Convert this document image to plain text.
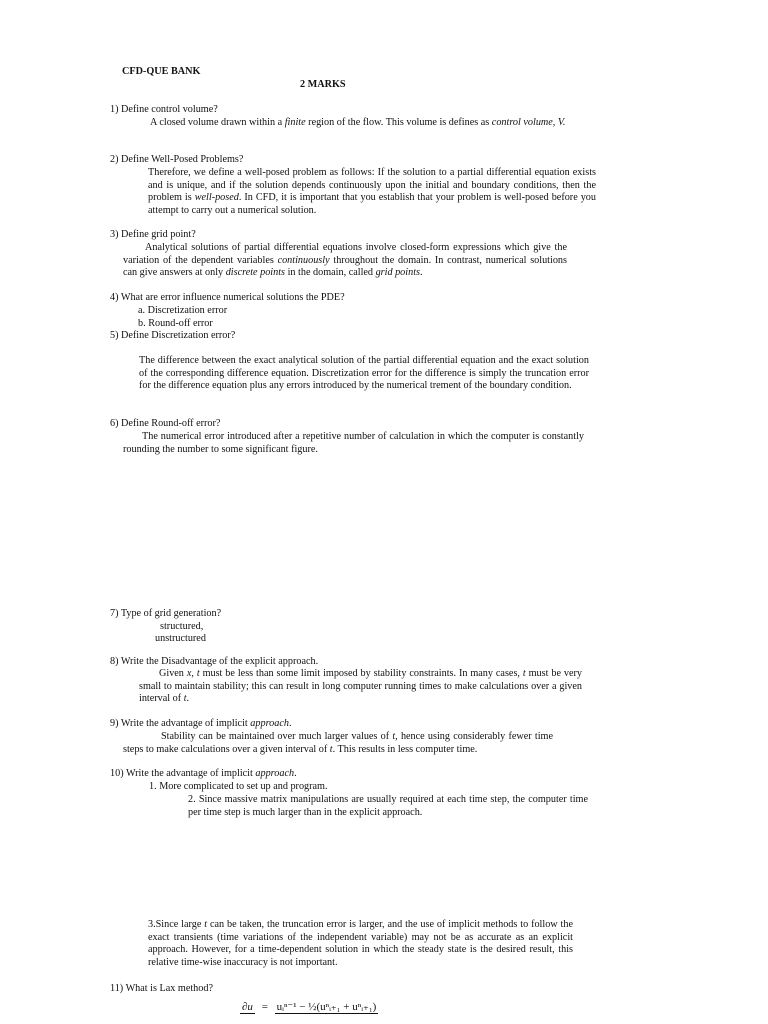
CFD-QUE BANK
2 MARKS
1) Define control volume?
A closed volume drawn within a finite region of the flow. This volume is defines as control volume, V.
2) Define Well-Posed Problems?
Therefore, we define a well-posed problem as follows: If the solution to a partial differential equation exists and is unique, and if the solution depends continuously upon the initial and boundary conditions, then the problem is well-posed. In CFD, it is important that you establish that your problem is well-posed before you attempt to carry out a numerical solution.
3) Define grid point?
Analytical solutions of partial differential equations involve closed-form expressions which give the variation of the dependent variables continuously throughout the domain. In contrast, numerical solutions can give answers at only discrete points in the domain, called grid points.
4) What are error influence numerical solutions the PDE?
a. Discretization error
b. Round-off error
5) Define Discretization error?
The difference between the exact analytical solution of the partial differential equation and the exact solution of the corresponding difference equation. Discretization error for the difference is simply the truncation error for the difference equation plus any errors introduced by the numerical trement of the boundary condition.
6) Define Round-off error?
The numerical error introduced after a repetitive number of calculation in which the computer is constantly rounding the number to some significant figure.
7) Type of grid generation?
structured,
unstructured
8) Write the Disadvantage of the explicit approach.
Given x, t must be less than some limit imposed by stability constraints. In many cases, t must be very small to maintain stability; this can result in long computer running times to make calculations over a given interval of t.
9) Write the advantage of implicit approach.
Stability can be maintained over much larger values of t, hence using considerably fewer time steps to make calculations over a given interval of t. This results in less computer time.
10) Write the advantage of implicit approach.
1. More complicated to set up and program.
2. Since massive matrix manipulations are usually required at each time step, the computer time per time step is much larger than in the explicit approach.
3.Since large t can be taken, the truncation error is larger, and the use of implicit methods to follow the exact transients (time variations of the independent variable) may not be as accurate as an explicit approach. However, for a time-dependent solution in which the steady state is the desired result, this relative time-wise inaccuracy is not important.
11) What is Lax method?
∂u = uᵢⁿ⁻¹ − ½(uⁿᵢ₊₁ + uⁿᵢ₊₁)
